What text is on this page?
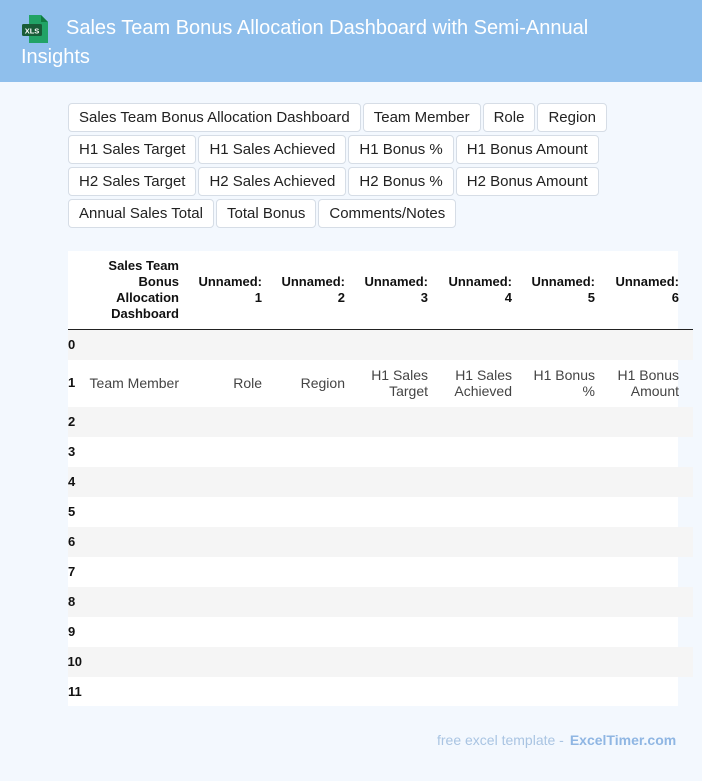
XLS	Sales Team Bonus Allocation Dashboard with Semi-Annual Insights
Sales Team Bonus Allocation Dashboard Team Member Role Region
H1 Sales Target H1 Sales Achieved H1 Bonus % H1 Bonus Amount
H2 Sales Target H2 Sales Achieved H2 Bonus % H2 Bonus Amount
Annual Sales Total Total Bonus Comments/Notes
	Sales Team Bonus Allocation Dashboard	Unnamed: 1	Unnamed: 2	Unnamed: 3	Unnamed: 4	Unnamed: 5	Unnamed: 6
0							
1	Team Member	Role	Region	H1 Sales Target	H1 Sales Achieved	H1 Bonus %	H1 Bonus Amount
2							
3							
4							
5							
6							
7							
8							
9							
10							
11							
free excel template - ExcelTimer.com
